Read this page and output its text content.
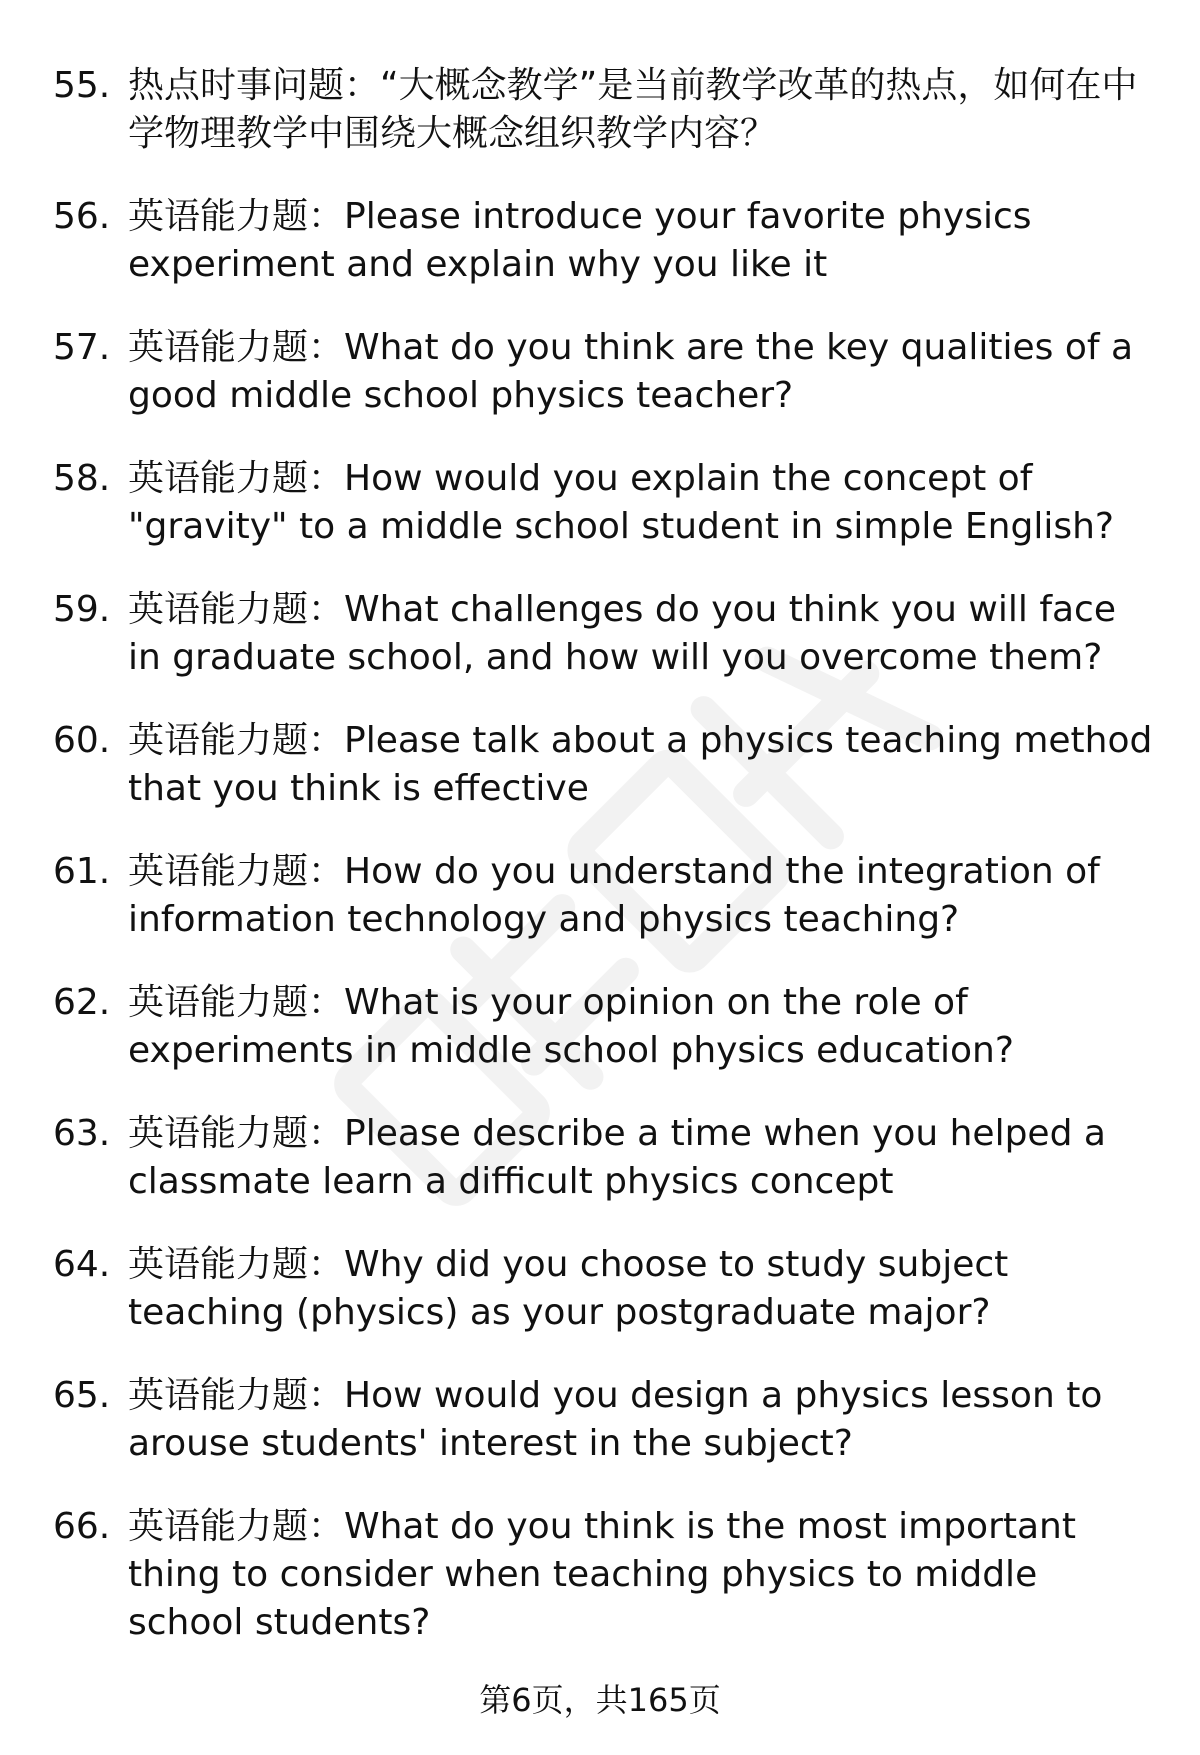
55. 热点时事问题：“大概念教学”是当前教学改革的热点，如何在中学物理教学中围绕大概念组织教学内容？
56. 英语能力题：Please introduce your favorite physics experiment and explain why you like it
57. 英语能力题：What do you think are the key qualities of a good middle school physics teacher?
58. 英语能力题：How would you explain the concept of "gravity" to a middle school student in simple English?
59. 英语能力题：What challenges do you think you will face in graduate school, and how will you overcome them?
60. 英语能力题：Please talk about a physics teaching method that you think is effective
61. 英语能力题：How do you understand the integration of information technology and physics teaching?
62. 英语能力题：What is your opinion on the role of experiments in middle school physics education?
63. 英语能力题：Please describe a time when you helped a classmate learn a difficult physics concept
64. 英语能力题：Why did you choose to study subject teaching (physics) as your postgraduate major?
65. 英语能力题：How would you design a physics lesson to arouse students' interest in the subject?
66. 英语能力题：What do you think is the most important thing to consider when teaching physics to middle school students?
第6页，共165页
